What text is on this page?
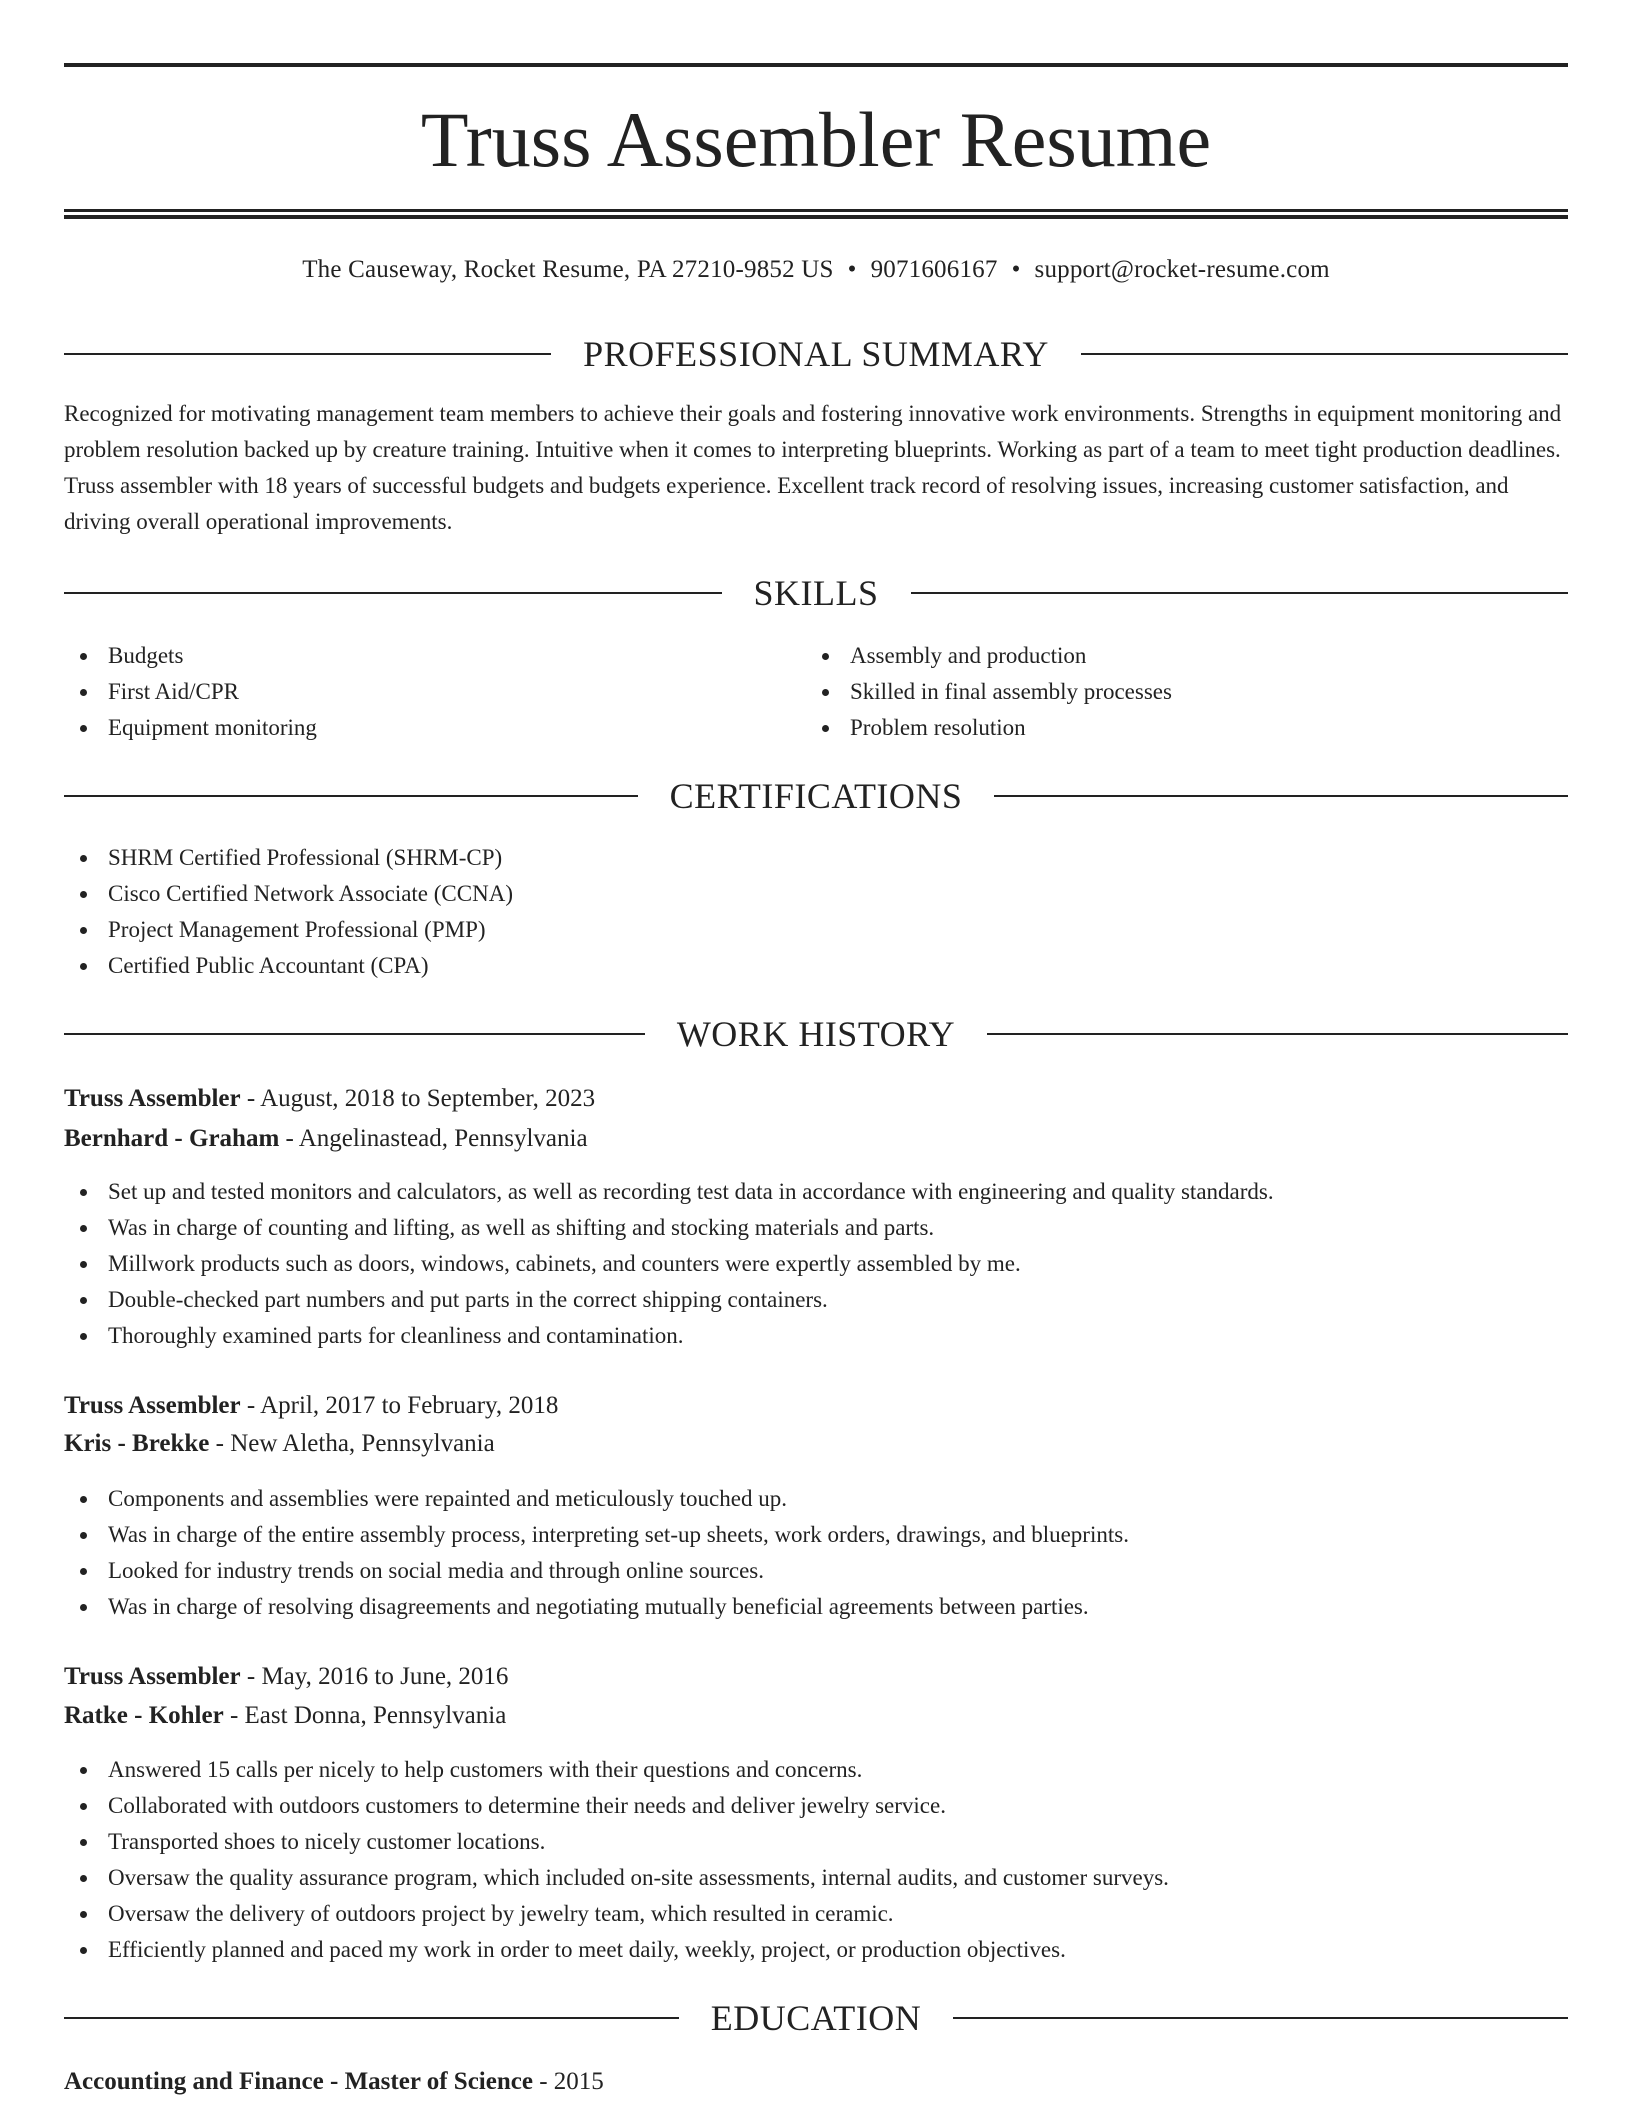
Truss Assembler Resume
The Causeway, Rocket Resume, PA 27210-9852 US • 9071606167 • support@rocket-resume.com
PROFESSIONAL SUMMARY

Recognized for motivating management team members to achieve their goals and fostering innovative work environments. Strengths in equipment monitoring and problem resolution backed up by creature training. Intuitive when it comes to interpreting blueprints. Working as part of a team to meet tight production deadlines. Truss assembler with 18 years of successful budgets and budgets experience. Excellent track record of resolving issues, increasing customer satisfaction, and driving overall operational improvements.

SKILLS
Budgets
First Aid/CPR
Equipment monitoring
Assembly and production
Skilled in final assembly processes
Problem resolution
CERTIFICATIONS
SHRM Certified Professional (SHRM-CP)
Cisco Certified Network Associate (CCNA)
Project Management Professional (PMP)
Certified Public Accountant (CPA)
WORK HISTORY
Truss Assembler - August, 2018 to September, 2023
Bernhard - Graham - Angelinastead, Pennsylvania
Set up and tested monitors and calculators, as well as recording test data in accordance with engineering and quality standards.
Was in charge of counting and lifting, as well as shifting and stocking materials and parts.
Millwork products such as doors, windows, cabinets, and counters were expertly assembled by me.
Double-checked part numbers and put parts in the correct shipping containers.
Thoroughly examined parts for cleanliness and contamination.
Truss Assembler - April, 2017 to February, 2018
Kris - Brekke - New Aletha, Pennsylvania
Components and assemblies were repainted and meticulously touched up.
Was in charge of the entire assembly process, interpreting set-up sheets, work orders, drawings, and blueprints.
Looked for industry trends on social media and through online sources.
Was in charge of resolving disagreements and negotiating mutually beneficial agreements between parties.
Truss Assembler - May, 2016 to June, 2016
Ratke - Kohler - East Donna, Pennsylvania
Answered 15 calls per nicely to help customers with their questions and concerns.
Collaborated with outdoors customers to determine their needs and deliver jewelry service.
Transported shoes to nicely customer locations.
Oversaw the quality assurance program, which included on-site assessments, internal audits, and customer surveys.
Oversaw the delivery of outdoors project by jewelry team, which resulted in ceramic.
Efficiently planned and paced my work in order to meet daily, weekly, project, or production objectives.
EDUCATION
Accounting and Finance - Master of Science - 2015
